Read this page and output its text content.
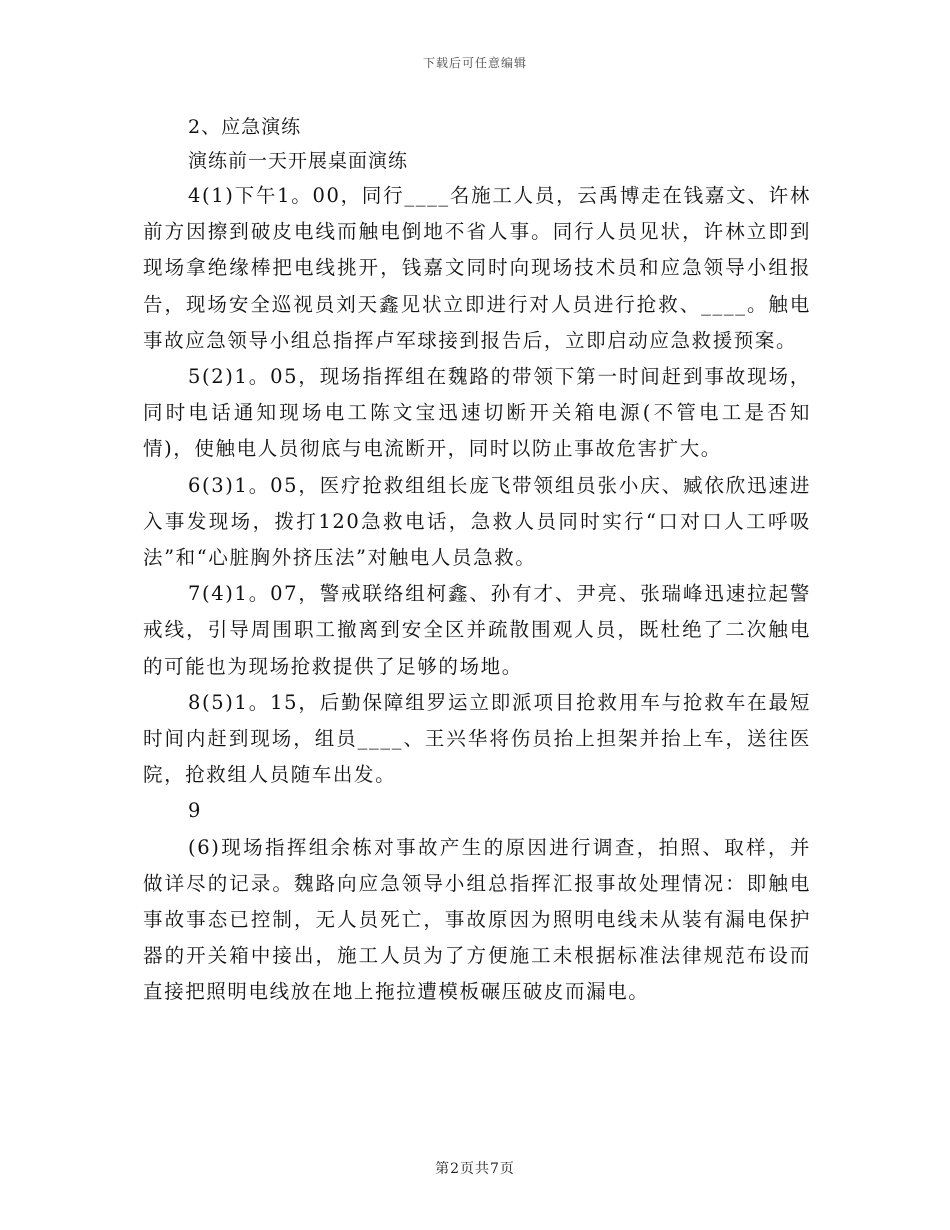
下载后可任意编辑

2、应急演练

演练前一天开展桌面演练

4(1)下午1。00，同行____名施工人员，云禹博走在钱嘉文、许林前方因擦到破皮电线而触电倒地不省人事。同行人员见状，许林立即到现场拿绝缘棒把电线挑开，钱嘉文同时向现场技术员和应急领导小组报告，现场安全巡视员刘天鑫见状立即进行对人员进行抢救、____。触电事故应急领导小组总指挥卢军球接到报告后，立即启动应急救援预案。

5(2)1。05，现场指挥组在魏路的带领下第一时间赶到事故现场，同时电话通知现场电工陈文宝迅速切断开关箱电源(不管电工是否知情)，使触电人员彻底与电流断开，同时以防止事故危害扩大。

6(3)1。05，医疗抢救组组长庞飞带领组员张小庆、臧依欣迅速进入事发现场，拨打120急救电话，急救人员同时实行“口对口人工呼吸法”和“心脏胸外挤压法”对触电人员急救。

7(4)1。07，警戒联络组柯鑫、孙有才、尹亮、张瑞峰迅速拉起警戒线，引导周围职工撤离到安全区并疏散围观人员，既杜绝了二次触电的可能也为现场抢救提供了足够的场地。

8(5)1。15，后勤保障组罗运立即派项目抢救用车与抢救车在最短时间内赶到现场，组员____、王兴华将伤员抬上担架并抬上车，送往医院，抢救组人员随车出发。

9

(6)现场指挥组余栋对事故产生的原因进行调查，拍照、取样，并做详尽的记录。魏路向应急领导小组总指挥汇报事故处理情况：即触电事故事态已控制，无人员死亡，事故原因为照明电线未从装有漏电保护器的开关箱中接出，施工人员为了方便施工未根据标准法律规范布设而直接把照明电线放在地上拖拉遭模板碾压破皮而漏电。

第2页共7页
